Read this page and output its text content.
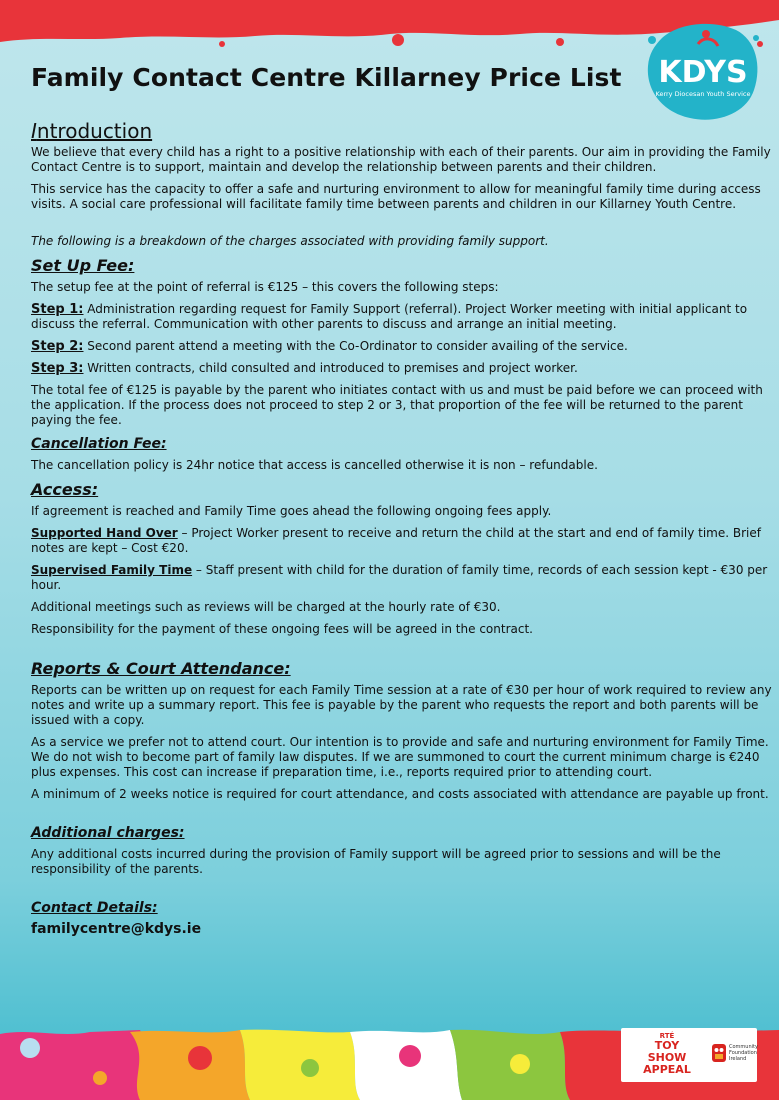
KDYS
Kerry Diocesan Youth Service
Family Contact Centre Killarney Price List
Introduction

We believe that every child has a right to a positive relationship with each of their parents. Our aim in providing the Family Contact Centre is to support, maintain and develop the relationship between parents and their children.

This service has the capacity to offer a safe and nurturing environment to allow for meaningful family time during access visits. A social care professional will facilitate family time between parents and children in our Killarney Youth Centre.

The following is a breakdown of the charges associated with providing family support.

Set Up Fee:

The setup fee at the point of referral is €125 – this covers the following steps:

Step 1: Administration regarding request for Family Support (referral). Project Worker meeting with initial applicant to discuss the referral. Communication with other parents to discuss and arrange an initial meeting.

Step 2: Second parent attend a meeting with the Co-Ordinator to consider availing of the service.

Step 3: Written contracts, child consulted and introduced to premises and project worker.

The total fee of €125 is payable by the parent who initiates contact with us and must be paid before we can proceed with the application. If the process does not proceed to step 2 or 3, that proportion of the fee will be returned to the parent paying the fee.

Cancellation Fee:

The cancellation policy is 24hr notice that access is cancelled otherwise it is non – refundable.

Access:

If agreement is reached and Family Time goes ahead the following ongoing fees apply.

Supported Hand Over – Project Worker present to receive and return the child at the start and end of family time. Brief notes are kept – Cost €20.

Supervised Family Time – Staff present with child for the duration of family time, records of each session kept - €30 per hour.

Additional meetings such as reviews will be charged at the hourly rate of €30.

Responsibility for the payment of these ongoing fees will be agreed in the contract.

Reports & Court Attendance:

Reports can be written up on request for each Family Time session at a rate of €30 per hour of work required to review any notes and write up a summary report. This fee is payable by the parent who requests the report and both parents will be issued with a copy.

As a service we prefer not to attend court. Our intention is to provide and safe and nurturing environment for Family Time. We do not wish to become part of family law disputes. If we are summoned to court the current minimum charge is €240 plus expenses. This cost can increase if preparation time, i.e., reports required prior to attending court.

A minimum of 2 weeks notice is required for court attendance, and costs associated with attendance are payable up front.

Additional charges:

Any additional costs incurred during the provision of Family support will be agreed prior to sessions and will be the responsibility of the parents.

Contact Details:

familycentre@kdys.ie

RTÉ
TOY
SHOW
APPEAL
Community Foundation Ireland
